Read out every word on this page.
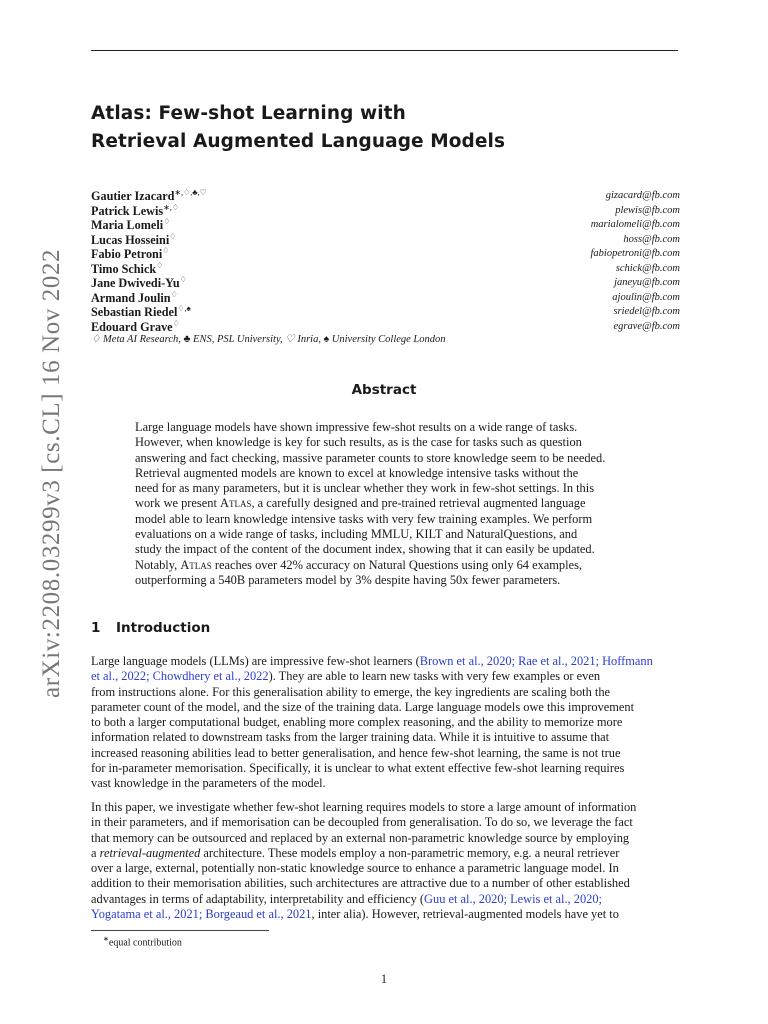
arXiv:2208.03299v3 [cs.CL] 16 Nov 2022
Atlas: Few-shot Learning with
Retrieval Augmented Language Models
Gautier Izacard∗,♢,♣,♡	gizacard@fb.com
Patrick Lewis∗,♢	plewis@fb.com
Maria Lomeli♢	marialomeli@fb.com
Lucas Hosseini♢	hoss@fb.com
Fabio Petroni♢	fabiopetroni@fb.com
Timo Schick♢	schick@fb.com
Jane Dwivedi-Yu♢	janeyu@fb.com
Armand Joulin♢	ajoulin@fb.com
Sebastian Riedel♢,♠	sriedel@fb.com
Edouard Grave♢	egrave@fb.com
♢ Meta AI Research, ♣ ENS, PSL University, ♡ Inria, ♠ University College London
Abstract

Large language models have shown impressive few-shot results on a wide range of tasks.
However, when knowledge is key for such results, as is the case for tasks such as question
answering and fact checking, massive parameter counts to store knowledge seem to be needed.
Retrieval augmented models are known to excel at knowledge intensive tasks without the
need for as many parameters, but it is unclear whether they work in few-shot settings. In this
work we present Atlas, a carefully designed and pre-trained retrieval augmented language
model able to learn knowledge intensive tasks with very few training examples. We perform
evaluations on a wide range of tasks, including MMLU, KILT and NaturalQuestions, and
study the impact of the content of the document index, showing that it can easily be updated.
Notably, Atlas reaches over 42% accuracy on Natural Questions using only 64 examples,
outperforming a 540B parameters model by 3% despite having 50x fewer parameters.

1 Introduction

Large language models (LLMs) are impressive few-shot learners (Brown et al., 2020; Rae et al., 2021; Hoffmann
et al., 2022; Chowdhery et al., 2022). They are able to learn new tasks with very few examples or even
from instructions alone. For this generalisation ability to emerge, the key ingredients are scaling both the
parameter count of the model, and the size of the training data. Large language models owe this improvement
to both a larger computational budget, enabling more complex reasoning, and the ability to memorize more
information related to downstream tasks from the larger training data. While it is intuitive to assume that
increased reasoning abilities lead to better generalisation, and hence few-shot learning, the same is not true
for in-parameter memorisation. Specifically, it is unclear to what extent effective few-shot learning requires
vast knowledge in the parameters of the model.

In this paper, we investigate whether few-shot learning requires models to store a large amount of information
in their parameters, and if memorisation can be decoupled from generalisation. To do so, we leverage the fact
that memory can be outsourced and replaced by an external non-parametric knowledge source by employing
a retrieval-augmented architecture. These models employ a non-parametric memory, e.g. a neural retriever
over a large, external, potentially non-static knowledge source to enhance a parametric language model. In
addition to their memorisation abilities, such architectures are attractive due to a number of other established
advantages in terms of adaptability, interpretability and efficiency (Guu et al., 2020; Lewis et al., 2020;
Yogatama et al., 2021; Borgeaud et al., 2021, inter alia). However, retrieval-augmented models have yet to

∗equal contribution
1
